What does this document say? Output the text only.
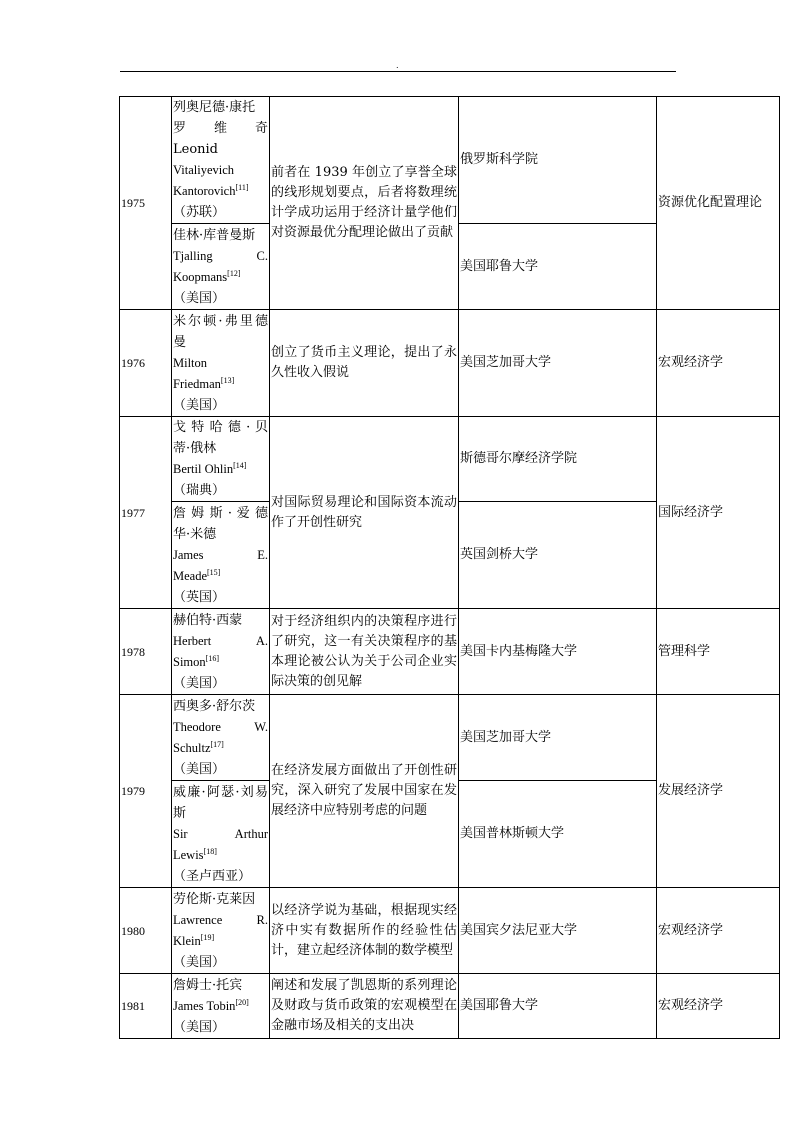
.
1975	列奥尼德·康托
罗 维 奇 Leonid
Vitaliyevich
Kantorovich[11]
（苏联）	前者在 1939 年创立了享誉全球的线形规划要点，后者将数理统计学成功运用于经济计量学他们对资源最优分配理论做出了贡献	俄罗斯科学院	资源优化配置理论

	佳林·库普曼斯
Tjalling C.
Koopmans[12]
（美国）		美国耶鲁大学	
1976	米尔顿·弗里德曼
Milton
Friedman[13]
（美国）	创立了货币主义理论，提出了永久性收入假说	美国芝加哥大学	宏观经济学
1977	戈 特 哈 德 · 贝蒂·俄林
Bertil Ohlin[14]
（瑞典）	对国际贸易理论和国际资本流动作了开创性研究	斯德哥尔摩经济学院	国际经济学

	詹 姆 斯 · 爱 德华·米德
James E.
Meade[15]
（英国）		英国剑桥大学	
1978	赫伯特·西蒙
Herbert A.
Simon[16]
（美国）	对于经济组织内的决策程序进行了研究，这一有关决策程序的基本理论被公认为关于公司企业实际决策的创见解	美国卡内基梅隆大学	管理科学
1979	西奥多·舒尔茨
Theodore W.
Schultz[17]
（美国）	在经济发展方面做出了开创性研究，深入研究了发展中国家在发展经济中应特别考虑的问题	美国芝加哥大学	发展经济学

	威廉·阿瑟·刘易斯
Sir Arthur
Lewis[18]
（圣卢西亚）		美国普林斯顿大学	
1980	劳伦斯·克莱因
Lawrence R.
Klein[19]
（美国）	以经济学说为基础，根据现实经济中实有数据所作的经验性估计，建立起经济体制的数学模型	美国宾夕法尼亚大学	宏观经济学
1981	詹姆士·托宾
James Tobin[20]
（美国）	阐述和发展了凯恩斯的系列理论及财政与货币政策的宏观模型在金融市场及相关的支出决	美国耶鲁大学	宏观经济学
